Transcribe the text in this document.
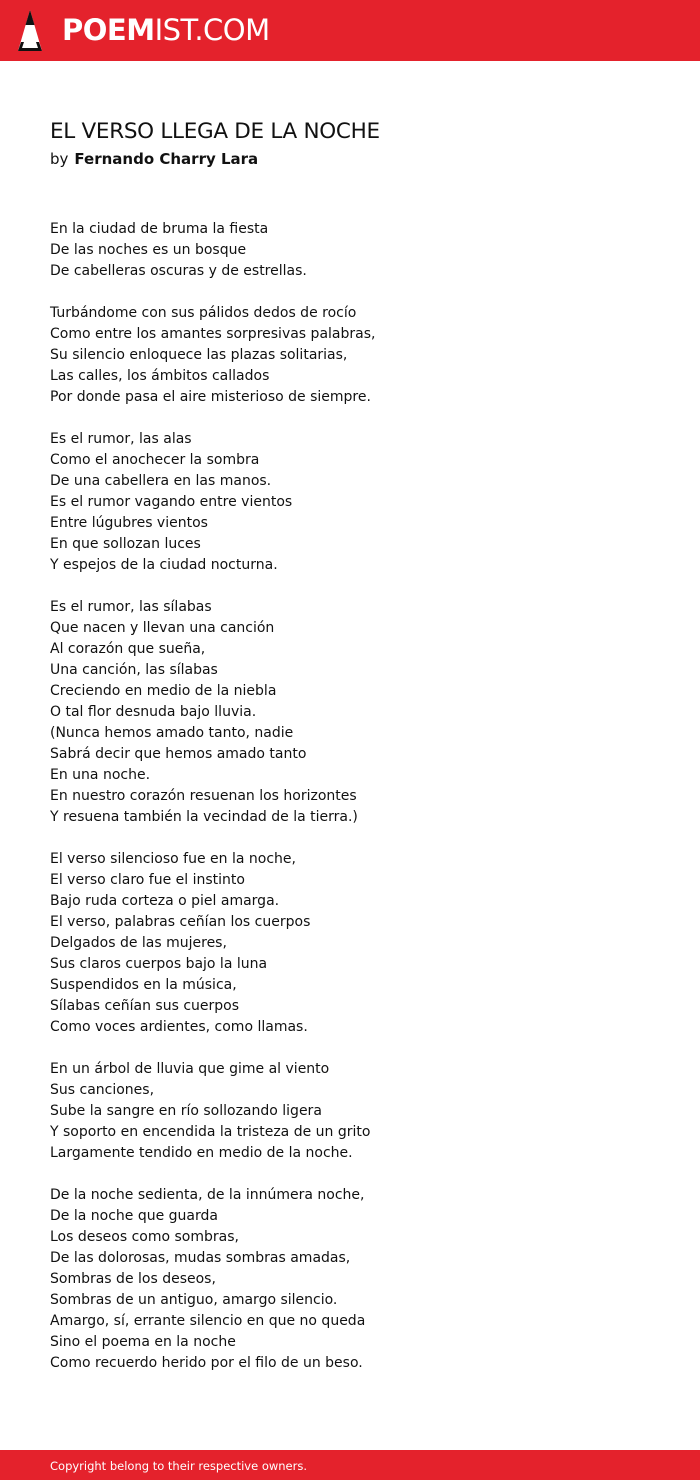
POEMIST.COM
EL VERSO LLEGA DE LA NOCHE
by Fernando Charry Lara
En la ciudad de bruma la fiesta
De las noches es un bosque
De cabelleras oscuras y de estrellas.
Turbándome con sus pálidos dedos de rocío
Como entre los amantes sorpresivas palabras,
Su silencio enloquece las plazas solitarias,
Las calles, los ámbitos callados
Por donde pasa el aire misterioso de siempre.
Es el rumor, las alas
Como el anochecer la sombra
De una cabellera en las manos.
Es el rumor vagando entre vientos
Entre lúgubres vientos
En que sollozan luces
Y espejos de la ciudad nocturna.
Es el rumor, las sílabas
Que nacen y llevan una canción
Al corazón que sueña,
Una canción, las sílabas
Creciendo en medio de la niebla
O tal flor desnuda bajo lluvia.
(Nunca hemos amado tanto, nadie
Sabrá decir que hemos amado tanto
En una noche.
En nuestro corazón resuenan los horizontes
Y resuena también la vecindad de la tierra.)
El verso silencioso fue en la noche,
El verso claro fue el instinto
Bajo ruda corteza o piel amarga.
El verso, palabras ceñían los cuerpos
Delgados de las mujeres,
Sus claros cuerpos bajo la luna
Suspendidos en la música,
Sílabas ceñían sus cuerpos
Como voces ardientes, como llamas.
En un árbol de lluvia que gime al viento
Sus canciones,
Sube la sangre en río sollozando ligera
Y soporto en encendida la tristeza de un grito
Largamente tendido en medio de la noche.
De la noche sedienta, de la innúmera noche,
De la noche que guarda
Los deseos como sombras,
De las dolorosas, mudas sombras amadas,
Sombras de los deseos,
Sombras de un antiguo, amargo silencio.
Amargo, sí, errante silencio en que no queda
Sino el poema en la noche
Como recuerdo herido por el filo de un beso.
Copyright belong to their respective owners.
